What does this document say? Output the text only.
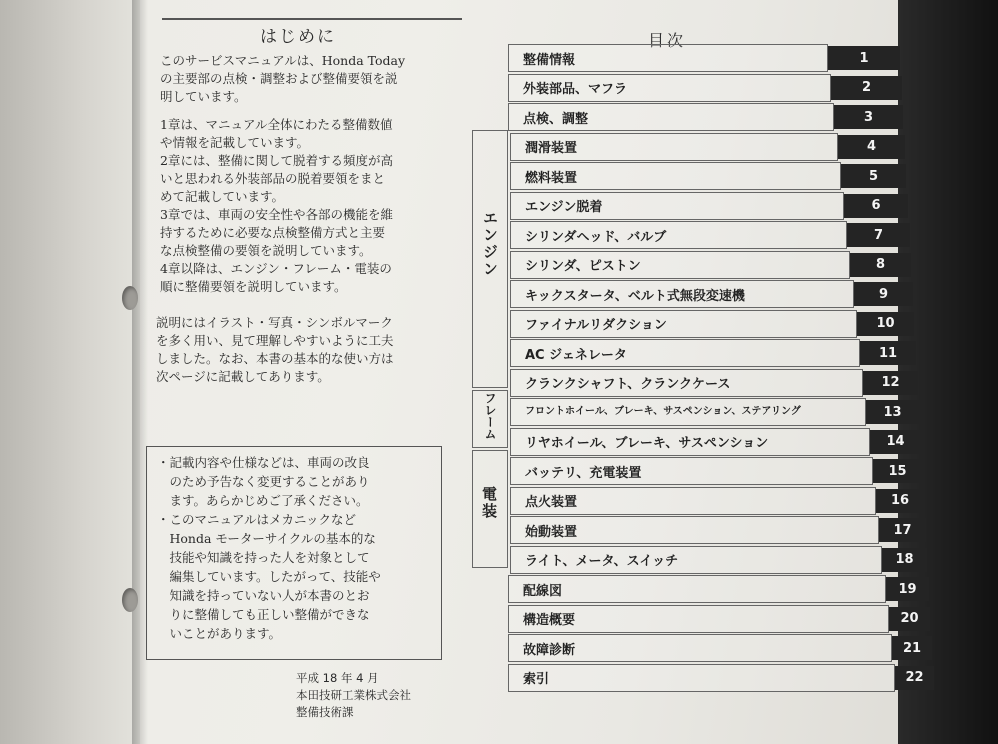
はじめに

このサービスマニュアルは、Honda Today

の主要部の点検・調整および整備要領を説

明しています。

1章は、マニュアル全体にわたる整備数値

や情報を記載しています。

2章には、整備に関して脱着する頻度が高

いと思われる外装部品の脱着要領をまと

めて記載しています。

3章では、車両の安全性や各部の機能を維

持するために必要な点検整備方式と主要

な点検整備の要領を説明しています。

4章以降は、エンジン・フレーム・電装の

順に整備要領を説明しています。

説明にはイラスト・写真・シンボルマーク

を多く用い、見て理解しやすいように工夫

しました。なお、本書の基本的な使い方は

次ページに記載してあります。

・記載内容や仕様などは、車両の改良

　のため予告なく変更することがあり

　ます。あらかじめご了承ください。

・このマニュアルはメカニックなど

　Honda モーターサイクルの基本的な

　技能や知識を持った人を対象として

　編集しています。したがって、技能や

　知識を持っていない人が本書のとお

　りに整備しても正しい整備ができな

　いことがあります。

平成 18 年 4 月
本田技研工業株式会社
整備技術課
目次
エンジン
フレーム
電装
整備情報	1
外装部品、マフラ	2
点検、調整	3
潤滑装置	4
燃料装置	5
エンジン脱着	6
シリンダヘッド、バルブ	7
シリンダ、ピストン	8
キックスタータ、ベルト式無段変速機	9
ファイナルリダクション	10
AC ジェネレータ	11
クランクシャフト、クランクケース	12
フロントホイール、ブレーキ、サスペンション、ステアリング	13
リヤホイール、ブレーキ、サスペンション	14
バッテリ、充電装置	15
点火装置	16
始動装置	17
ライト、メータ、スイッチ	18
配線図	19
構造概要	20
故障診断	21
索引	22
